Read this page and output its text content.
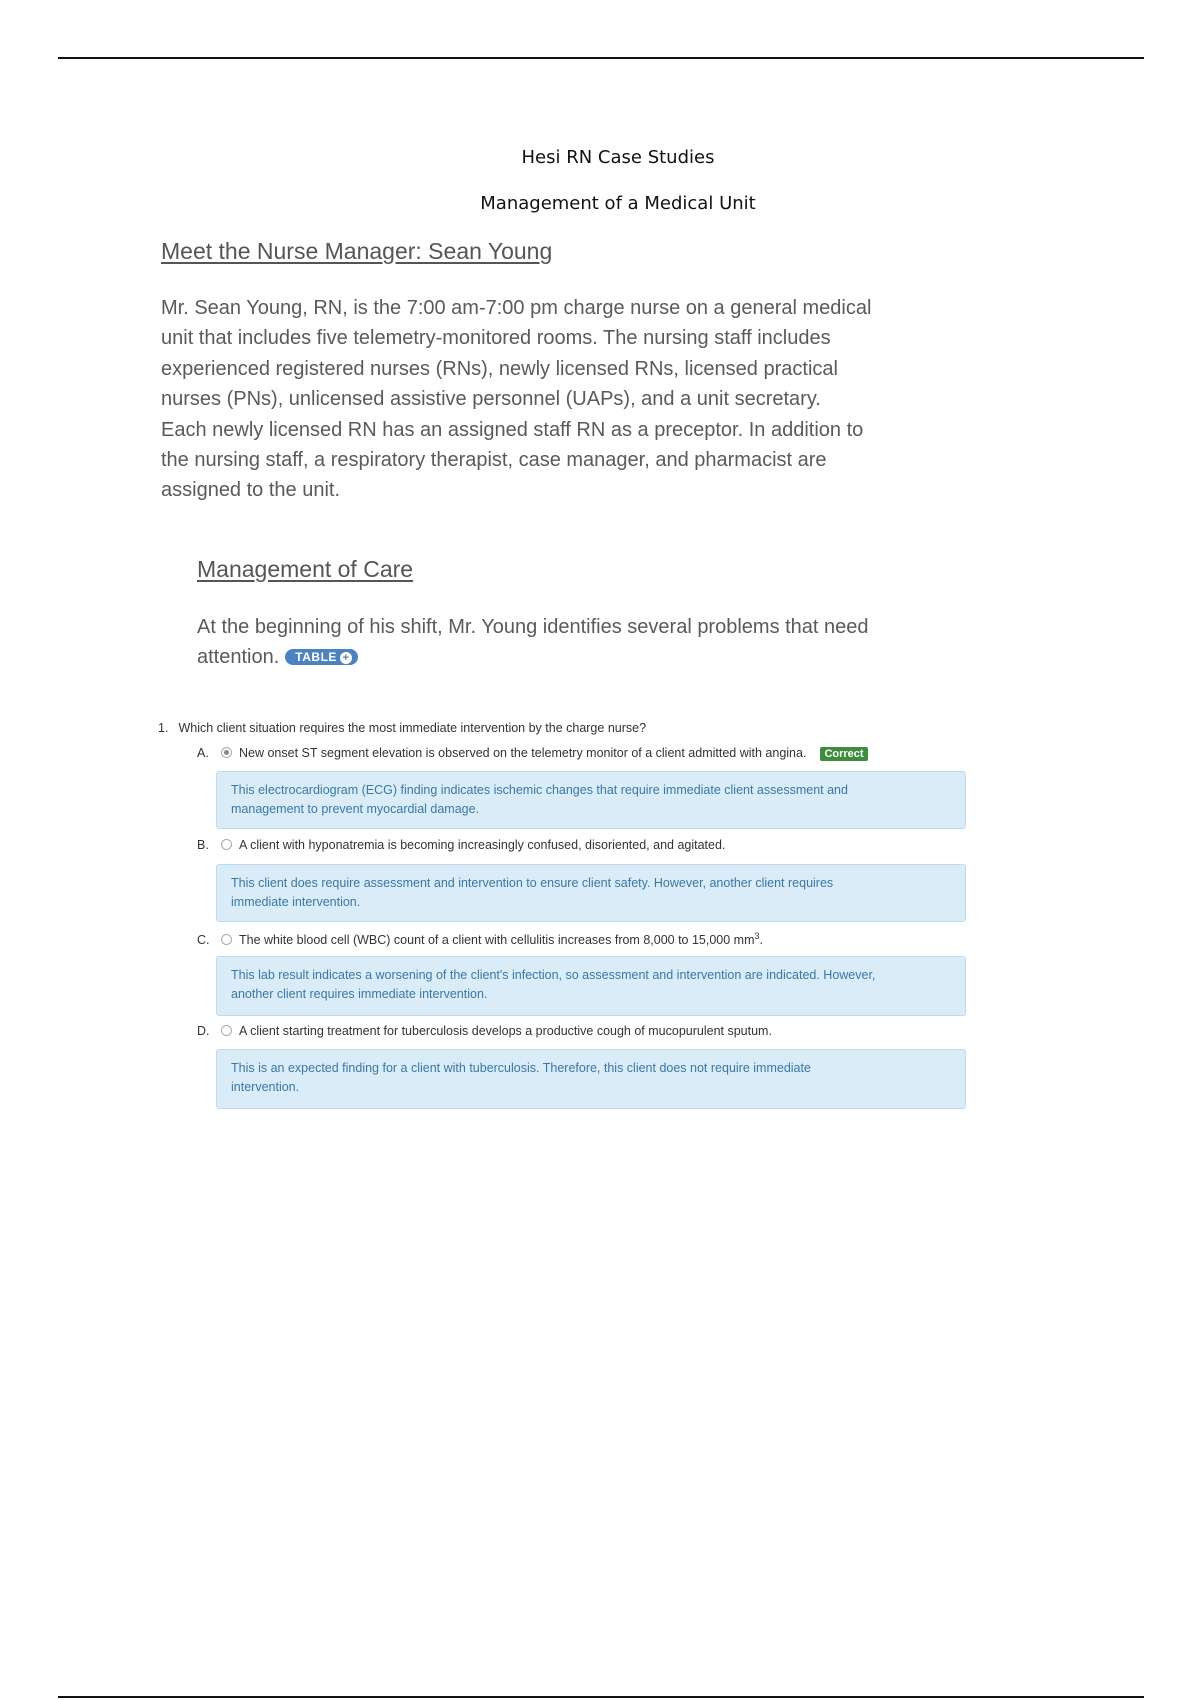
Hesi RN Case Studies
Management of a Medical Unit
Meet the Nurse Manager: Sean Young
Mr. Sean Young, RN, is the 7:00 am-7:00 pm charge nurse on a general medical
unit that includes five telemetry-monitored rooms. The nursing staff includes
experienced registered nurses (RNs), newly licensed RNs, licensed practical
nurses (PNs), unlicensed assistive personnel (UAPs), and a unit secretary.
Each newly licensed RN has an assigned staff RN as a preceptor. In addition to
the nursing staff, a respiratory therapist, case manager, and pharmacist are
assigned to the unit.
Management of Care
At the beginning of his shift, Mr. Young identifies several problems that need
attention. TABLE +
1. Which client situation requires the most immediate intervention by the charge nurse?
A. New onset ST segment elevation is observed on the telemetry monitor of a client admitted with angina. Correct
This electrocardiogram (ECG) finding indicates ischemic changes that require immediate client assessment and
management to prevent myocardial damage.
B. A client with hyponatremia is becoming increasingly confused, disoriented, and agitated.
This client does require assessment and intervention to ensure client safety. However, another client requires
immediate intervention.
C. The white blood cell (WBC) count of a client with cellulitis increases from 8,000 to 15,000 $mm^3$.
This lab result indicates a worsening of the client's infection, so assessment and intervention are indicated. However,
another client requires immediate intervention.
D. A client starting treatment for tuberculosis develops a productive cough of mucopurulent sputum.
This is an expected finding for a client with tuberculosis. Therefore, this client does not require immediate
intervention.
